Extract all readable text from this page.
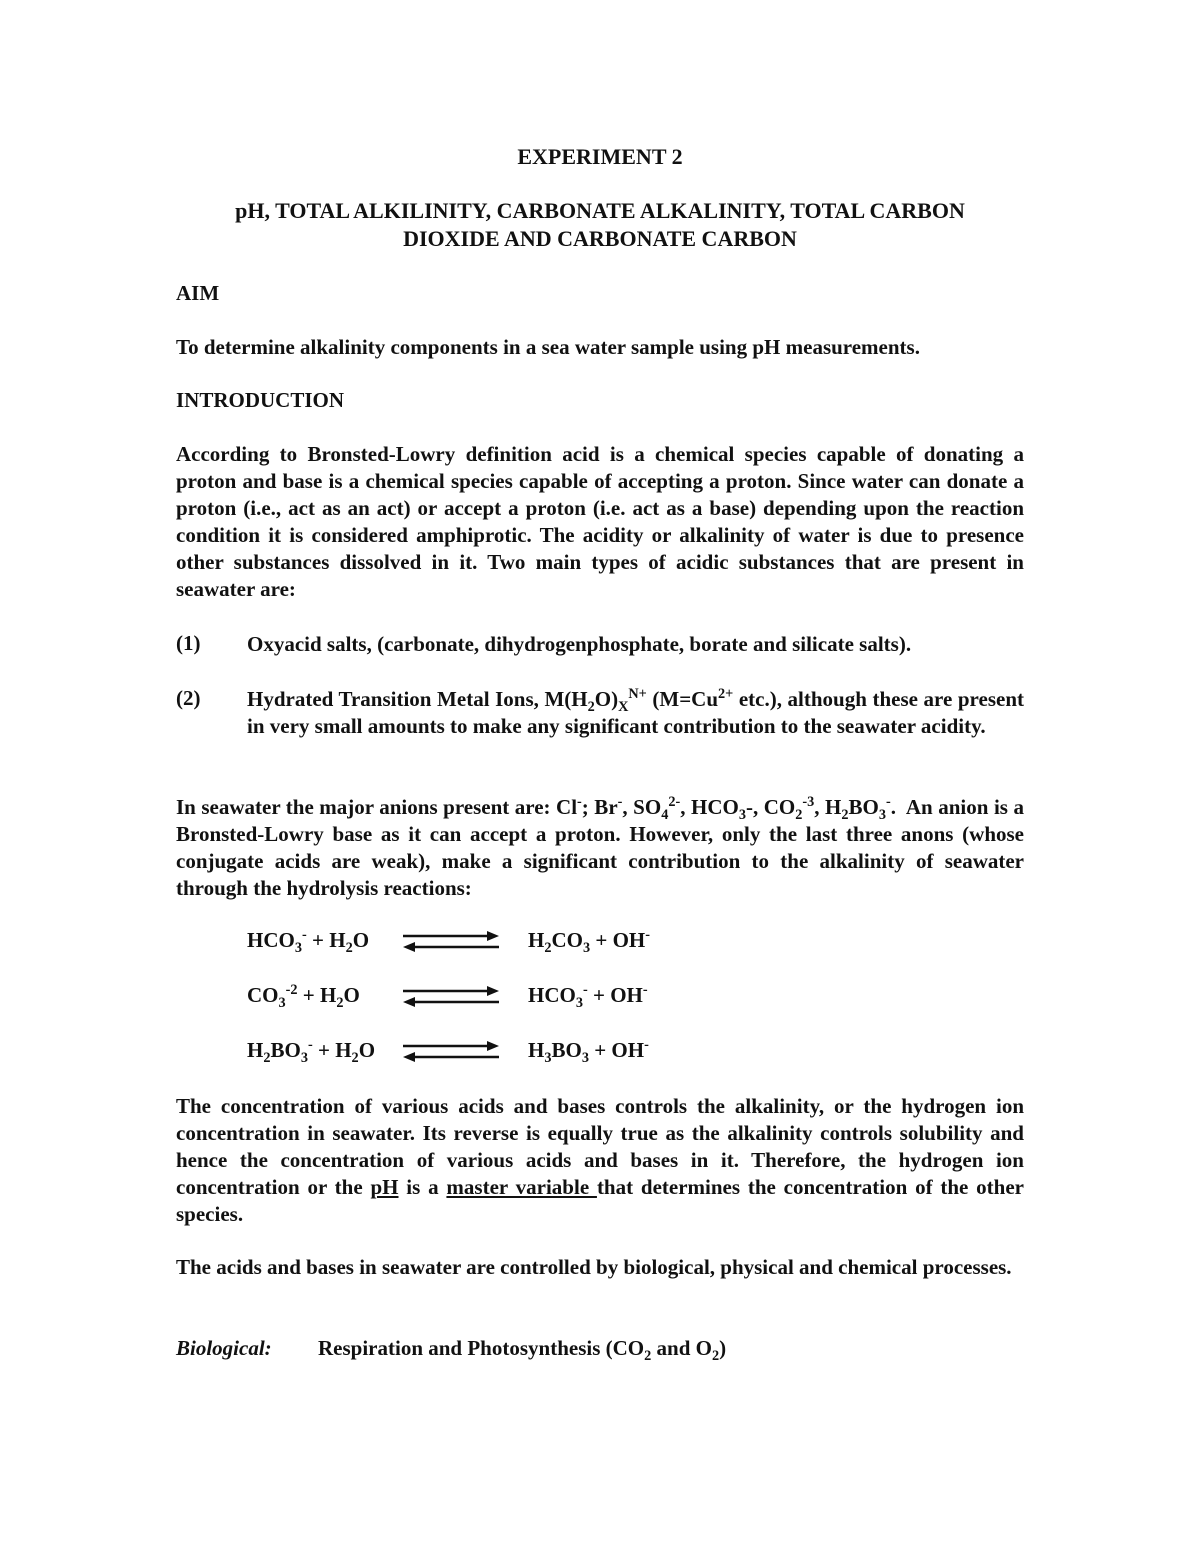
EXPERIMENT 2
pH, TOTAL ALKILINITY, CARBONATE ALKALINITY, TOTAL CARBON
DIOXIDE AND CARBONATE CARBON
AIM
To determine alkalinity components in a sea water sample using pH measurements.
INTRODUCTION
According to Bronsted-Lowry definition acid is a chemical species capable of donating a proton and base is a chemical species capable of accepting a proton. Since water can donate a proton (i.e., act as an act) or accept a proton (i.e. act as a base) depending upon the reaction condition it is considered amphiprotic. The acidity or alkalinity of water is due to presence other substances dissolved in it. Two main types of acidic substances that are present in seawater are:
(1) Oxyacid salts, (carbonate, dihydrogenphosphate, borate and silicate salts).
(2) Hydrated Transition Metal Ions, $M(H_2O)_X^{N+}$ ($M=Cu^{2+}$ etc.), although these are present in very small amounts to make any significant contribution to the seawater acidity.
In seawater the major anions present are: Cl-; Br-, $SO_4^{2-}$, $HCO_3-$, $CO_2^{-3}$, $H_2BO_3^-$.  An anion is a Bronsted-Lowry base as it can accept a proton. However, only the last three anons (whose conjugate acids are weak), make a significant contribution to the alkalinity of seawater through the hydrolysis reactions:
$HCO_3^- + H_2O$	$H_2CO_3 + OH^-$
$CO_3^{-2} + H_2O$	$HCO_3^- + OH^-$
$H_2BO_3^- + H_2O$	$H_3BO_3 + OH^-$
The concentration of various acids and bases controls the alkalinity, or the hydrogen ion concentration in seawater. Its reverse is equally true as the alkalinity controls solubility and hence the concentration of various acids and bases in it. Therefore, the hydrogen ion concentration or the pH is a master variable that determines the concentration of the other species.
The acids and bases in seawater are controlled by biological, physical and chemical processes.
Biological: Respiration and Photosynthesis ($CO_2$ and $O_2$)
